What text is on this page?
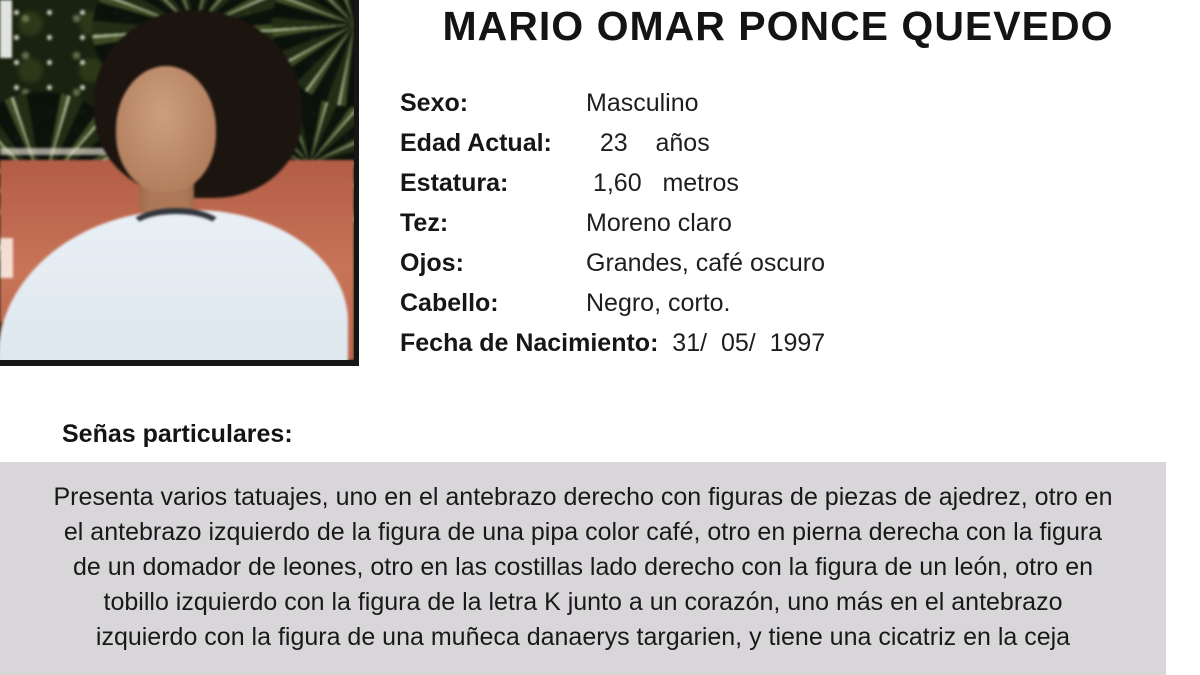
MARIO OMAR PONCE QUEVEDO
Sexo:	Masculino
Edad Actual:	23    años
Estatura:	1,60   metros
Tez:	Moreno claro
Ojos:	Grandes, café oscuro
Cabello:	Negro, corto.
Fecha de Nacimiento: 31/  05/  1997
Señas particulares:
Presenta varios tatuajes, uno en el antebrazo derecho con figuras de piezas de ajedrez, otro en
el antebrazo izquierdo de la figura de una pipa color café, otro en pierna derecha con la figura
de un domador de leones, otro en las costillas lado derecho con la figura de un león, otro en
tobillo izquierdo con la figura de la letra K junto a un corazón, uno más en el antebrazo
izquierdo con la figura de una muñeca danaerys targarien, y tiene una cicatriz en la ceja
